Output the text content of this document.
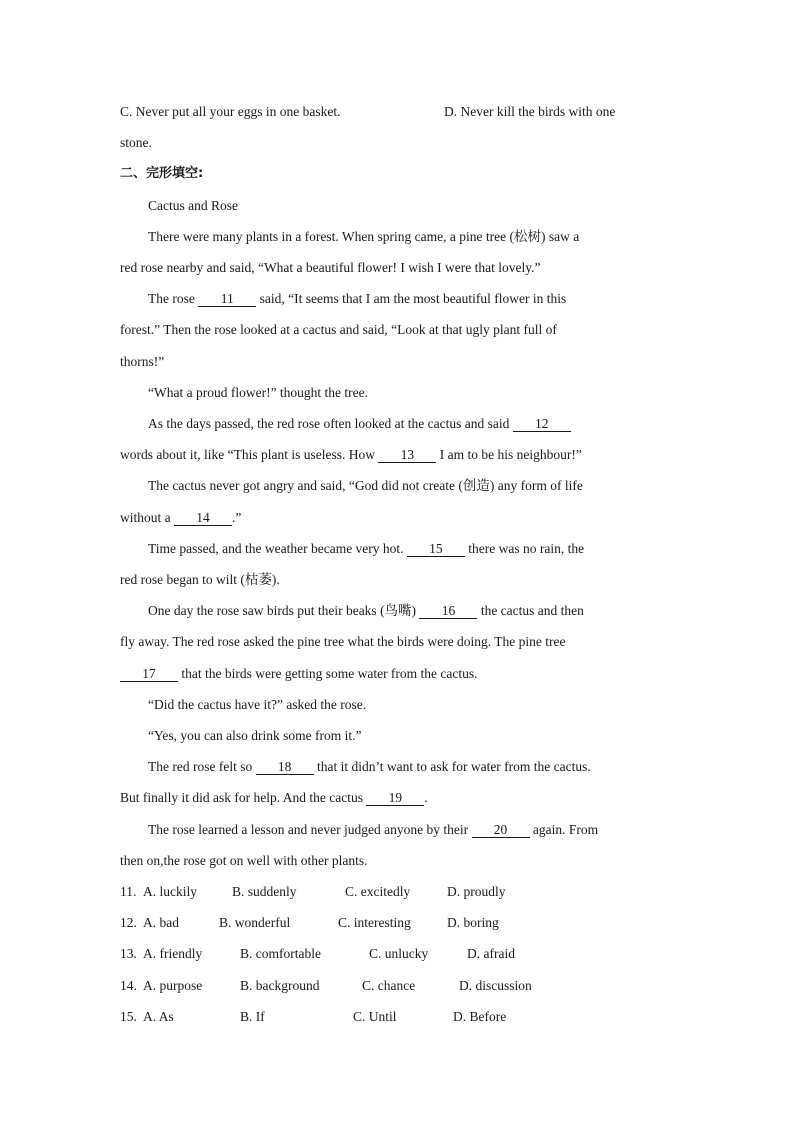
C. Never put all your eggs in one basket.	D. Never kill the birds with one
stone.
二、完形填空:
Cactus and Rose
There were many plants in a forest. When spring came, a pine tree (松树) saw a
red rose nearby and said, “What a beautiful flower! I wish I were that lovely.”
The rose 11 said, “It seems that I am the most beautiful flower in this
forest.” Then the rose looked at a cactus and said, “Look at that ugly plant full of
thorns!”
“What a proud flower!” thought the tree.
As the days passed, the red rose often looked at the cactus and said 12
words about it, like “This plant is useless. How 13 I am to be his neighbour!”
The cactus never got angry and said, “God did not create (创造) any form of life
without a 14 .”
Time passed, and the weather became very hot. 15 there was no rain, the
red rose began to wilt (枯萎).
One day the rose saw birds put their beaks (鸟嘴) 16 the cactus and then
fly away. The red rose asked the pine tree what the birds were doing. The pine tree
17 that the birds were getting some water from the cactus.
“Did the cactus have it?” asked the rose.
“Yes, you can also drink some from it.”
The red rose felt so 18 that it didn’t want to ask for water from the cactus.
But finally it did ask for help. And the cactus 19 .
The rose learned a lesson and never judged anyone by their 20 again. From
then on,the rose got on well with other plants.
11. A. luckily	B. suddenly	C. excitedly	D. proudly
12. A. bad	B. wonderful	C. interesting	D. boring
13. A. friendly	B. comfortable	C. unlucky	D. afraid
14. A. purpose	B. background	C. chance	D. discussion
15. A. As	B. If	C. Until	D. Before
